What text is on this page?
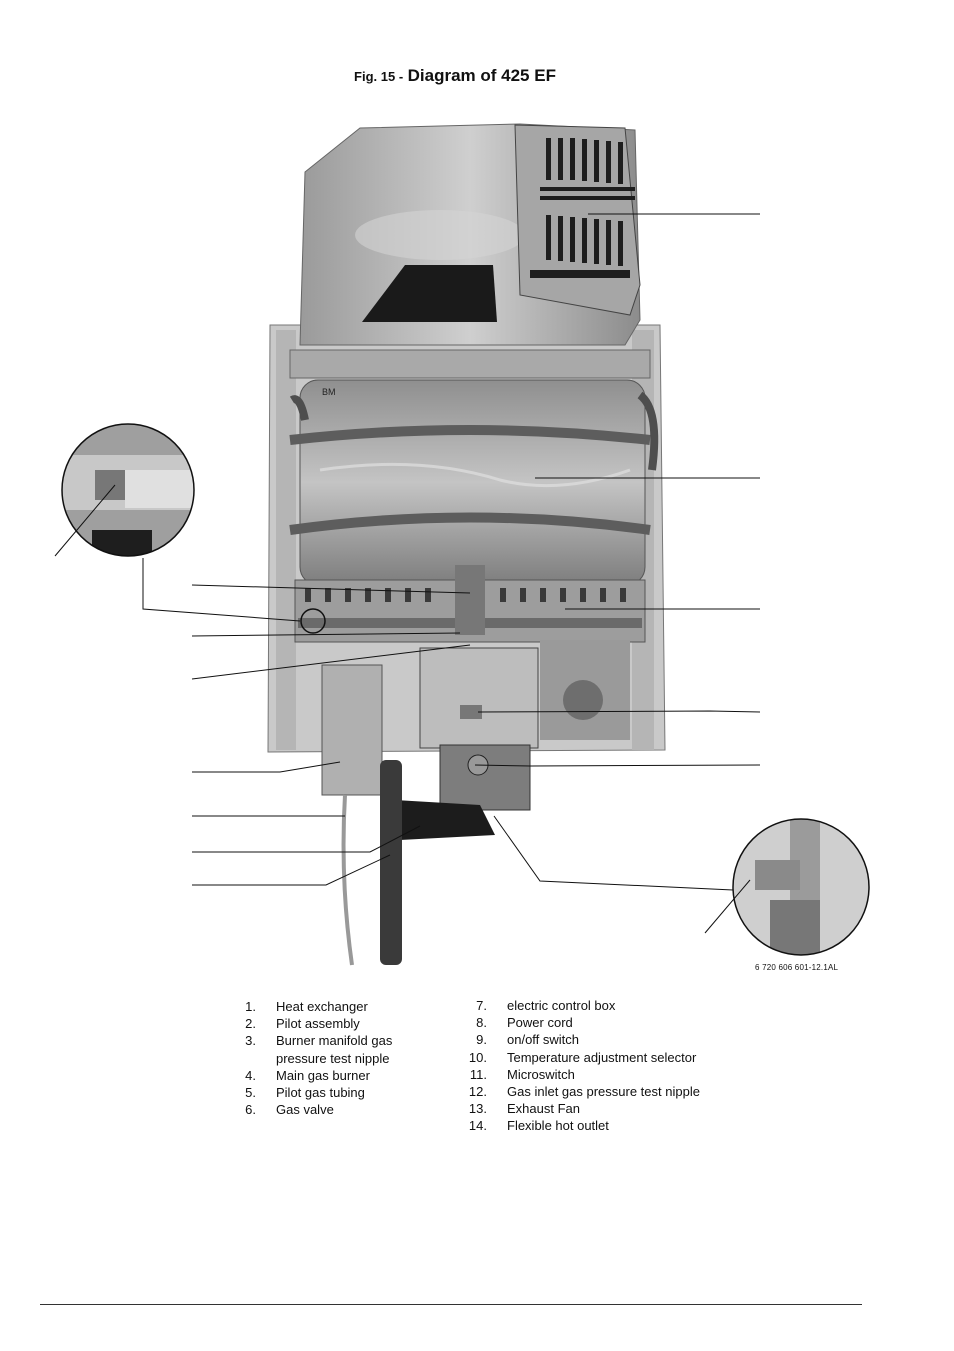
Fig. 15 - Diagram of 425 EF
BM
6 720 606 601-12.1AL
1.	Heat exchanger
2.	Pilot assembly
3.	Burner manifold gas
pressure test nipple
4.	Main gas burner
5.	Pilot gas tubing
6.	Gas valve
7.	electric control box
8.	Power cord
9.	on/off switch
10.	Temperature adjustment selector
11.	Microswitch
12.	Gas inlet gas pressure test nipple
13.	Exhaust Fan
14.	Flexible hot outlet
